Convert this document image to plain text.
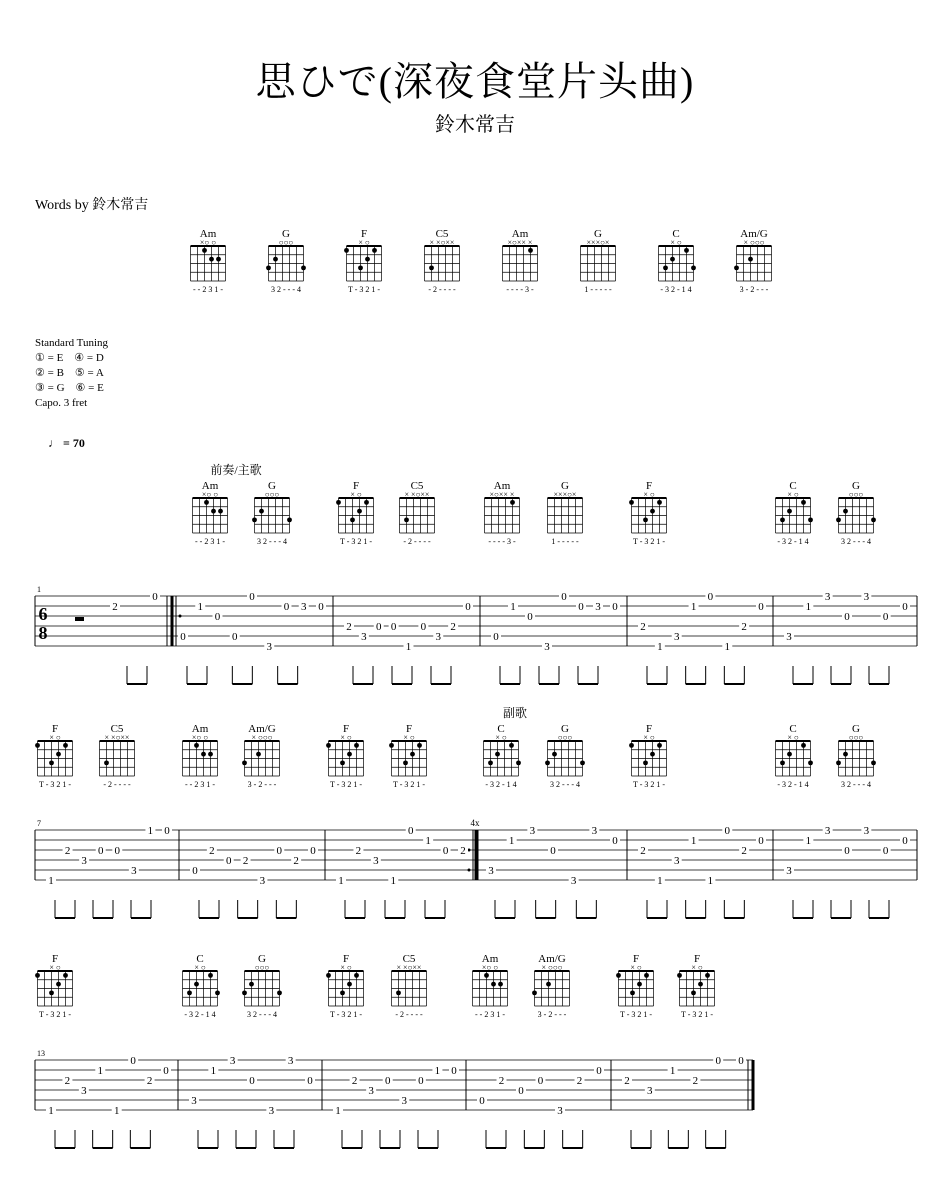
思ひで(深夜食堂片头曲)
鈴木常吉
Words by 鈴木常吉
Standard Tuning
① = E ④ = D
② = B ⑤ = A
③ = G ⑥ = E
Capo. 3 fret
♩ = 70
Am
×○ ○
- - 2 3 1 -
G
○○○
3 2 - - - 4
F
× ○
T - 3 2 1 -
C5
× ×○××
- 2 - - - -
Am
×○×× ×
- - - - 3 -
G
×××○×
1 - - - - -
C
× ○
- 3 2 - 1 4
Am/G
× ○○○
3 - 2 - - -
前奏/主歌
Am
×○ ○
- - 2 3 1 -
G
○○○
3 2 - - - 4
F
× ○
T - 3 2 1 -
C5
× ×○××
- 2 - - - -
Am
×○×× ×
- - - - 3 -
G
×××○×
1 - - - - -
F
× ○
T - 3 2 1 -
C
× ○
- 3 2 - 1 4
G
○○○
3 2 - - - 4
1
6
8
2
0
0
1
0
0
0
3
0 3 0
2
3
0 0
1
0
3
2
0
0
1
0
3
0
0 3 0
2
1
3
1
0
1
2
0
3
1
3
0
3
0
0
副歌
F
× ○
T - 3 2 1 -
C5
× ×○××
- 2 - - - -
Am
×○ ○
- - 2 3 1 -
Am/G
× ○○○
3 - 2 - - -
F
× ○
T - 3 2 1 -
F
× ○
T - 3 2 1 -
C
× ○
- 3 2 - 1 4
G
○○○
3 2 - - - 4
F
× ○
T - 3 2 1 -
C
× ○
- 3 2 - 1 4
G
○○○
3 2 - - - 4
7	4x
1
2
3
0 0
3
1 0
0
2
0 2
3
0
2
0
1
2
3
1
0
1
0 2
3
1
3
0
3
3
0
2
1
3
1
1
0
2
0
3
1
3
0
3
0
0
F
× ○
T - 3 2 1 -
C
× ○
- 3 2 - 1 4
G
○○○
3 2 - - - 4
F
× ○
T - 3 2 1 -
C5
× ×○××
- 2 - - - -
Am
×○ ○
- - 2 3 1 -
Am/G
× ○○○
3 - 2 - - -
F
× ○
T - 3 2 1 -
F
× ○
T - 3 2 1 -
13
1
2
3
1
1
0
2
0
3
1
3
0
3
3
0
1
2
3
0
3
0
1 0
0
2
0
0
3
2
0
2
3
1
2
0 0
